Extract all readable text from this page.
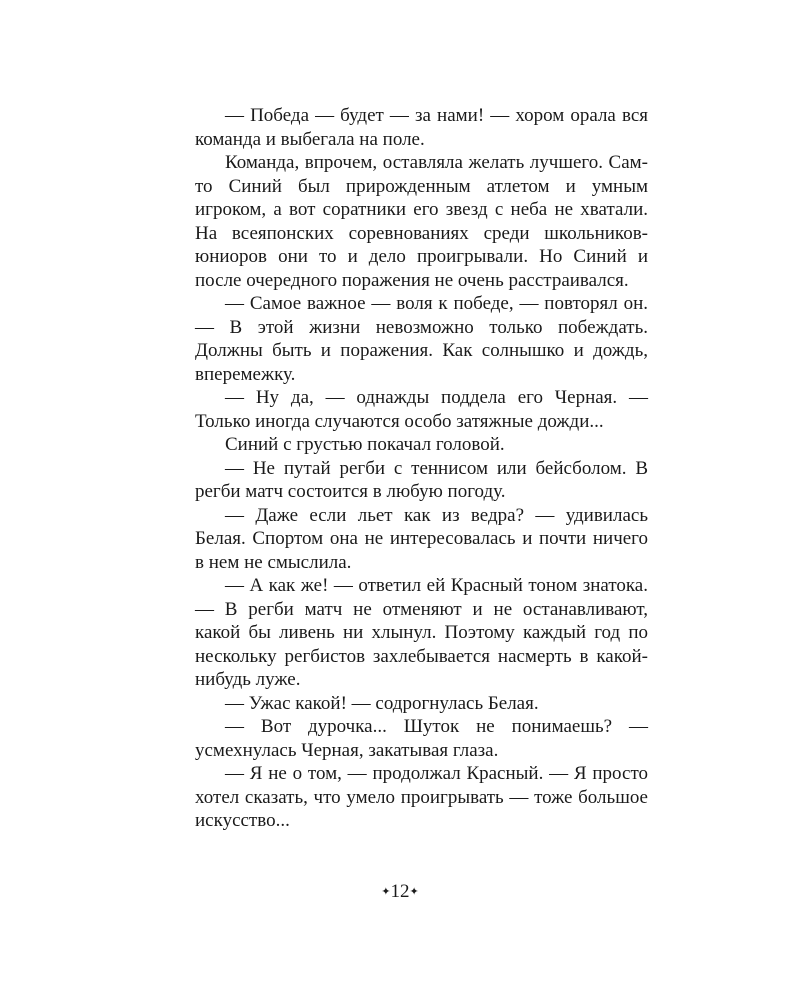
— Победа — будет — за нами! — хором орала вся команда и выбегала на поле.

Команда, впрочем, оставляла желать лучшего. Сам-то Синий был прирожденным атлетом и умным игроком, а вот соратники его звезд с неба не хватали. На всеяпонских соревнованиях среди школьников-юниоров они то и дело проигрывали. Но Синий и после очередного поражения не очень расстраивался.

— Самое важное — воля к победе, — повторял он. — В этой жизни невозможно только побеждать. Должны быть и поражения. Как солнышко и дождь, вперемежку.

— Ну да, — однажды поддела его Черная. — Только иногда случаются особо затяжные дожди...

Синий с грустью покачал головой.

— Не путай регби с теннисом или бейсболом. В регби матч состоится в любую погоду.

— Даже если льет как из ведра? — удивилась Белая. Спортом она не интересовалась и почти ничего в нем не смыслила.

— А как же! — ответил ей Красный тоном знатока. — В регби матч не отменяют и не останавливают, какой бы ливень ни хлынул. Поэтому каждый год по нескольку регбистов захлебывается насмерть в какой-нибудь луже.

— Ужас какой! — содрогнулась Белая.

— Вот дурочка... Шуток не понимаешь? — усмехнулась Черная, закатывая глаза.

— Я не о том, — продолжал Красный. — Я просто хотел сказать, что умело проигрывать — тоже большое искусство...

✦12✦
